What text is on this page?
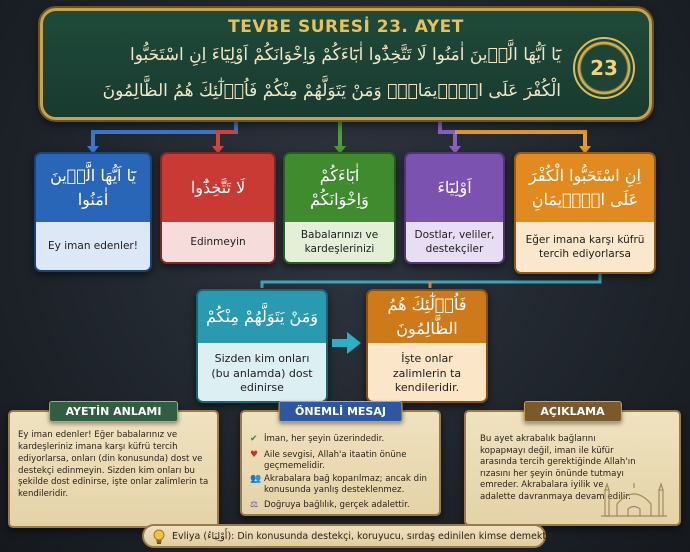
TEVBE SURESİ 23. AYET
يَٓا اَيُّهَا الَّذ۪ينَ اٰمَنُوا لَا تَتَّخِذُٓوا اٰبَٓاءَكُمْ وَاِخْوَانَكُمْ اَوْلِيَٓاءَ اِنِ اسْتَحَبُّوا
الْكُفْرَ عَلَى الْا۪يمَانِۜ وَمَنْ يَتَوَلَّهُمْ مِنْكُمْ فَاُو۬لٰٓئِكَ هُمُ الظَّالِمُونَ
23
يَٓا اَيُّهَا الَّذ۪ينَ اٰمَنُوا
Ey iman edenler!
لَا تَتَّخِذُٓوا
Edinmeyin
اٰبَٓاءَكُمْ وَاِخْوَانَكُمْ
Babalarınızı ve kardeşlerinizi
اَوْلِيَٓاءَ
Dostlar, veliler, destekçiler
اِنِ اسْتَحَبُّوا الْكُفْرَ عَلَى الْا۪يمَانِ
Eğer imana karşı küfrü tercih ediyorlarsa
وَمَنْ يَتَوَلَّهُمْ مِنْكُمْ
Sizden kim onları (bu anlamda) dost edinirse
فَاُو۬لٰٓئِكَ هُمُ الظَّالِمُونَ
İşte onlar zalimlerin ta kendileridir.
AYETİN ANLAMI
Ey iman edenler! Eğer babalarınız ve kardeşleriniz imana karşı küfrü tercih ediyorlarsa, onları (din konusunda) dost ve destekçi edinmeyin. Sizden kim onları bu şekilde dost edinirse, işte onlar zalimlerin ta kendileridir.
ÖNEMLİ MESAJ
✔ İman, her şeyin üzerindedir.
♥ Aile sevgisi, Allah'a itaatin önüne geçmemelidir.
👥 Akrabalara bağ koparılmaz; ancak din konusunda yanlış desteklenmez.
⚖ Doğruya bağlılık, gerçek adalettir.
AÇIKLAMA
Bu ayet akrabalık bağlarını kopармayı değil, iman ile küfür arasında tercih gerektiğinde Allah'ın rızasını her şeyin önünde tutmayı emreder. Akrabalara iyilik ve adalette davranmaya devam edilir.
Evliya (أَوْلِيَاءُ): Din konusunda destekçi, koruyucu, sırdaş edinilen kimse demektir.
